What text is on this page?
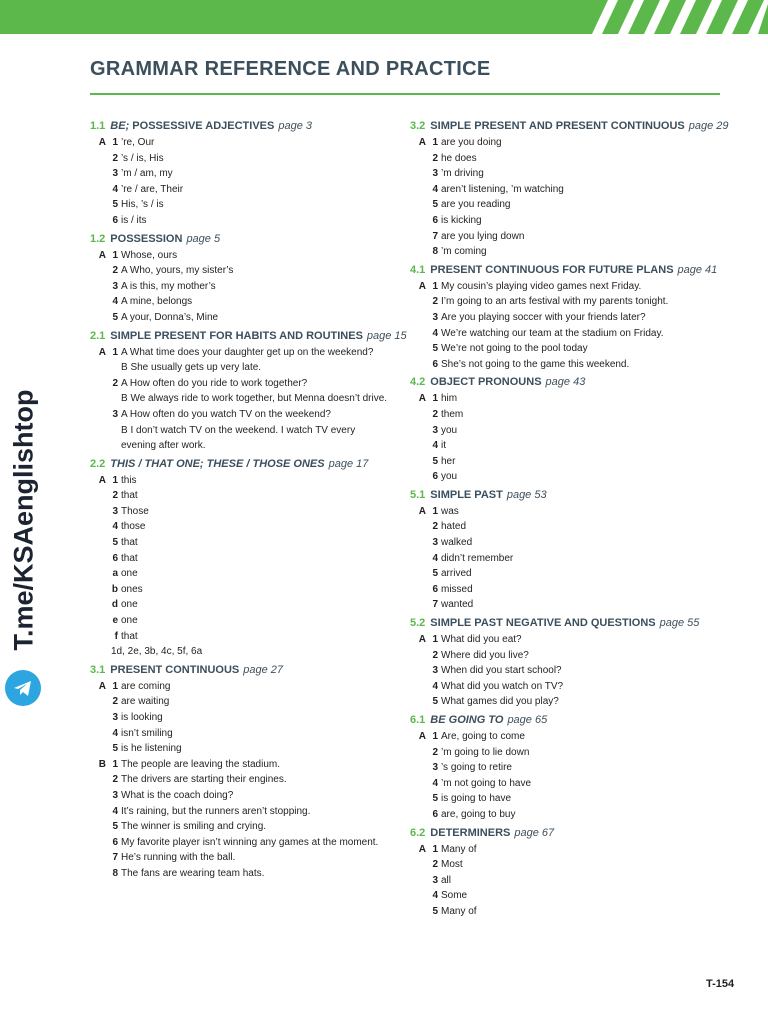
GRAMMAR REFERENCE AND PRACTICE
1.1 BE; POSSESSIVE ADJECTIVES page 3
A 1 ’re, Our
2 ’s / is, His
3 ’m / am, my
4 ’re / are, Their
5 His, ’s / is
6 is / its
1.2 POSSESSION page 5
A 1 Whose, ours
2 A Who, yours, my sister’s
3 A is this, my mother’s
4 A mine, belongs
5 A your, Donna’s, Mine
2.1 SIMPLE PRESENT FOR HABITS AND ROUTINES page 15
A 1 A What time does your daughter get up on the weekend?
B She usually gets up very late.
2 A How often do you ride to work together?
B We always ride to work together, but Menna doesn’t drive.
3 A How often do you watch TV on the weekend?
B I don’t watch TV on the weekend. I watch TV every evening after work.
2.2 THIS / THAT ONE; THESE / THOSE ONES page 17
A 1 this
2 that
3 Those
4 those
5 that
6 that
a one
b ones
d one
e one
f that
1d, 2e, 3b, 4c, 5f, 6a
3.1 PRESENT CONTINUOUS page 27
A 1 are coming
2 are waiting
3 is looking
4 isn’t smiling
5 is he listening
B 1 The people are leaving the stadium.
2 The drivers are starting their engines.
3 What is the coach doing?
4 It’s raining, but the runners aren’t stopping.
5 The winner is smiling and crying.
6 My favorite player isn’t winning any games at the moment.
7 He’s running with the ball.
8 The fans are wearing team hats.
3.2 SIMPLE PRESENT AND PRESENT CONTINUOUS page 29
A 1 are you doing
2 he does
3 ’m driving
4 aren’t listening, ’m watching
5 are you reading
6 is kicking
7 are you lying down
8 ’m coming
4.1 PRESENT CONTINUOUS FOR FUTURE PLANS page 41
A 1 My cousin’s playing video games next Friday.
2 I’m going to an arts festival with my parents tonight.
3 Are you playing soccer with your friends later?
4 We’re watching our team at the stadium on Friday.
5 We’re not going to the pool today
6 She’s not going to the game this weekend.
4.2 OBJECT PRONOUNS page 43
A 1 him
2 them
3 you
4 it
5 her
6 you
5.1 SIMPLE PAST page 53
A 1 was
2 hated
3 walked
4 didn’t remember
5 arrived
6 missed
7 wanted
5.2 SIMPLE PAST NEGATIVE AND QUESTIONS page 55
A 1 What did you eat?
2 Where did you live?
3 When did you start school?
4 What did you watch on TV?
5 What games did you play?
6.1 BE GOING TO page 65
A 1 Are, going to come
2 ’m going to lie down
3 ’s going to retire
4 ’m not going to have
5 is going to have
6 are, going to buy
6.2 DETERMINERS page 67
A 1 Many of
2 Most
3 all
4 Some
5 Many of
T.me/KSAenglishtop
T-154
